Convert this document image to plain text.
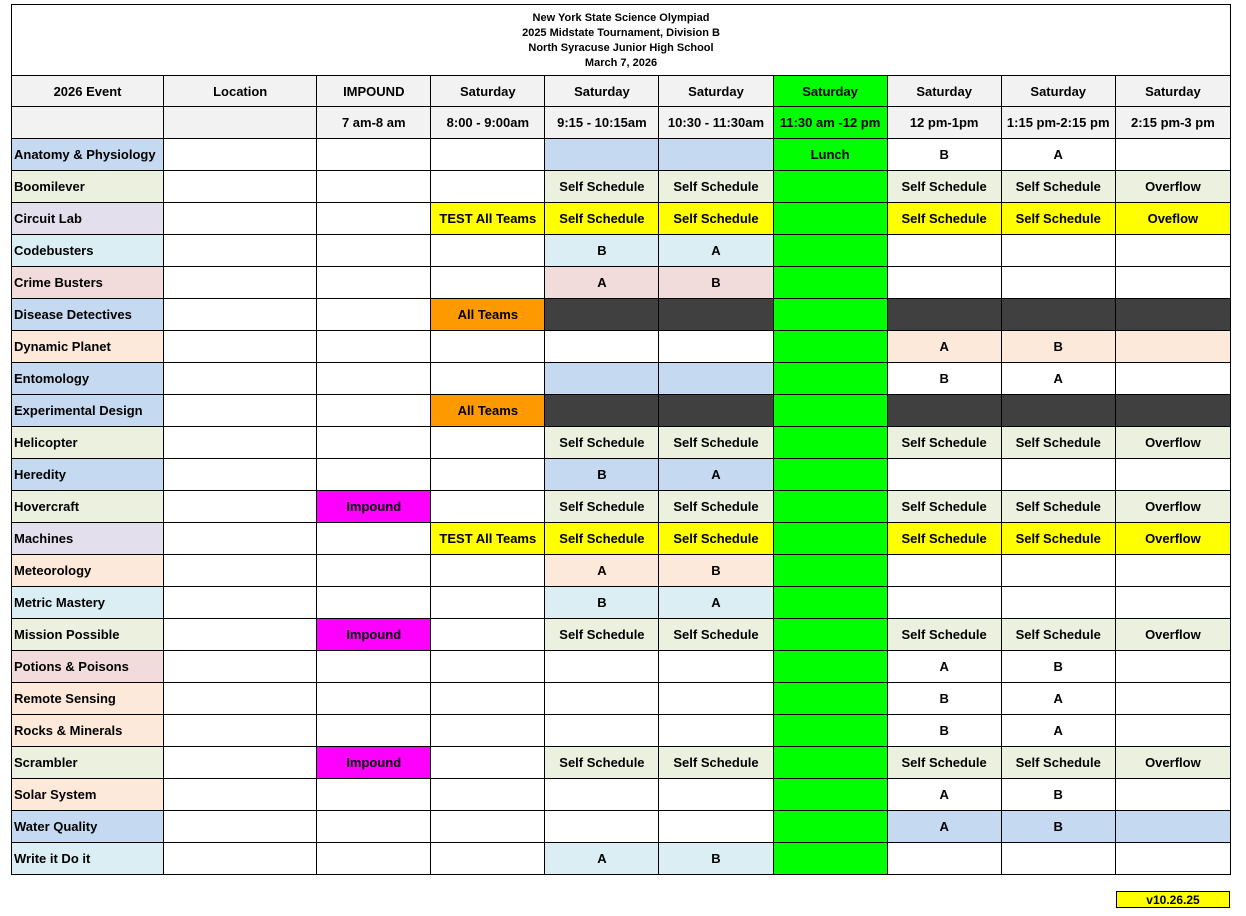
New York State Science Olympiad
2025 Midstate Tournament, Division B
North Syracuse Junior High School
March 7, 2026									

2026 Event	Location	IMPOUND	Saturday	Saturday	Saturday	Saturday	Saturday	Saturday	Saturday
		7 am-8 am	8:00 - 9:00am	9:15 - 10:15am	10:30 - 11:30am	11:30 am -12 pm	12 pm-1pm	1:15 pm-2:15 pm	2:15 pm-3 pm
Anatomy & Physiology						Lunch	B	A	
Boomilever				Self Schedule	Self Schedule		Self Schedule	Self Schedule	Overflow
Circuit Lab			TEST All Teams	Self Schedule	Self Schedule		Self Schedule	Self Schedule	Oveflow
Codebusters				B	A				
Crime Busters				A	B				
Disease Detectives			All Teams						
Dynamic Planet							A	B	
Entomology							B	A	
Experimental Design			All Teams						
Helicopter				Self Schedule	Self Schedule		Self Schedule	Self Schedule	Overflow
Heredity				B	A				
Hovercraft		Impound		Self Schedule	Self Schedule		Self Schedule	Self Schedule	Overflow
Machines			TEST All Teams	Self Schedule	Self Schedule		Self Schedule	Self Schedule	Overflow
Meteorology				A	B				
Metric Mastery				B	A				
Mission Possible		Impound		Self Schedule	Self Schedule		Self Schedule	Self Schedule	Overflow
Potions & Poisons							A	B	
Remote Sensing							B	A	
Rocks & Minerals							B	A	
Scrambler		Impound		Self Schedule	Self Schedule		Self Schedule	Self Schedule	Overflow
Solar System							A	B	
Water Quality							A	B	
Write it Do it				A	B				
v10.26.25
